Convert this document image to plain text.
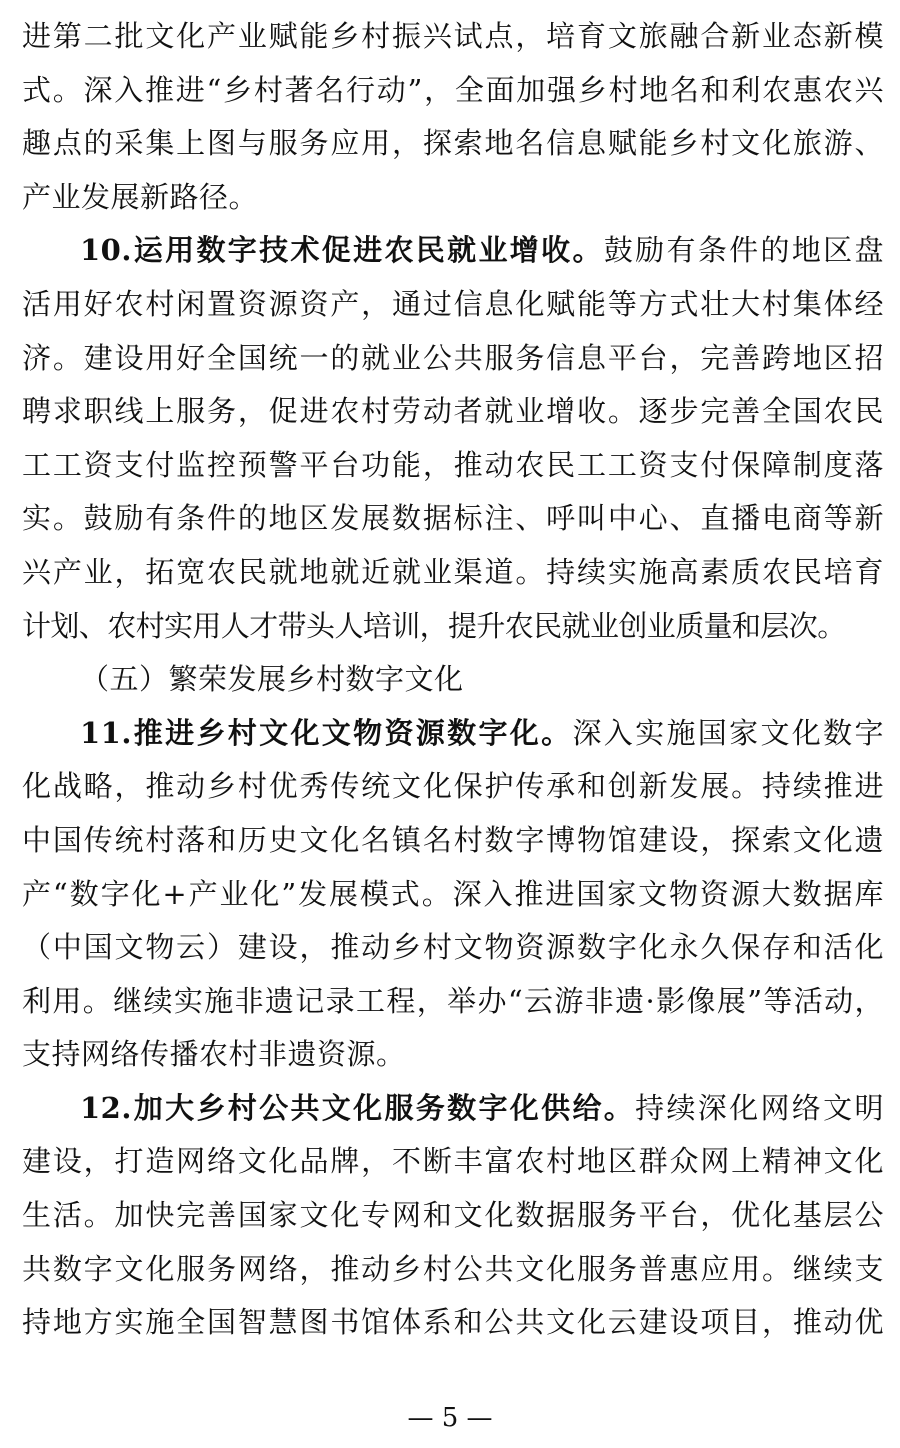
进第二批文化产业赋能乡村振兴试点，培育文旅融合新业态新模
式。深入推进“乡村著名行动”，全面加强乡村地名和利农惠农兴
趣点的采集上图与服务应用，探索地名信息赋能乡村文化旅游、
产业发展新路径。
10.运用数字技术促进农民就业增收。鼓励有条件的地区盘
活用好农村闲置资源资产，通过信息化赋能等方式壮大村集体经
济。建设用好全国统一的就业公共服务信息平台，完善跨地区招
聘求职线上服务，促进农村劳动者就业增收。逐步完善全国农民
工工资支付监控预警平台功能，推动农民工工资支付保障制度落
实。鼓励有条件的地区发展数据标注、呼叫中心、直播电商等新
兴产业，拓宽农民就地就近就业渠道。持续实施高素质农民培育
计划、农村实用人才带头人培训，提升农民就业创业质量和层次。
（五）繁荣发展乡村数字文化
11.推进乡村文化文物资源数字化。深入实施国家文化数字
化战略，推动乡村优秀传统文化保护传承和创新发展。持续推进
中国传统村落和历史文化名镇名村数字博物馆建设，探索文化遗
产“数字化+产业化”发展模式。深入推进国家文物资源大数据库
（中国文物云）建设，推动乡村文物资源数字化永久保存和活化
利用。继续实施非遗记录工程，举办“云游非遗·影像展”等活动，
支持网络传播农村非遗资源。
12.加大乡村公共文化服务数字化供给。持续深化网络文明
建设，打造网络文化品牌，不断丰富农村地区群众网上精神文化
生活。加快完善国家文化专网和文化数据服务平台，优化基层公
共数字文化服务网络，推动乡村公共文化服务普惠应用。继续支
持地方实施全国智慧图书馆体系和公共文化云建设项目，推动优
— 5 —
